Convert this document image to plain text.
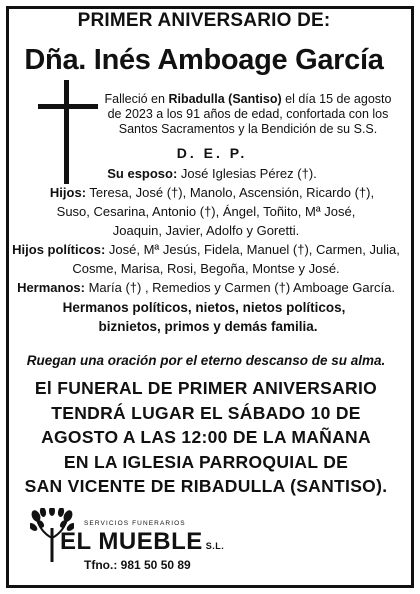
PRIMER ANIVERSARIO DE:
Dña. Inés Amboage García
Falleció en Ribadulla (Santiso) el día 15 de agosto
de 2023 a los 91 años de edad, confortada con los
Santos Sacramentos y la Bendición de su S.S.
D. E. P.
Su esposo: José Iglesias Pérez (†).
Hijos: Teresa, José (†), Manolo, Ascensión, Ricardo (†),
Suso, Cesarina, Antonio (†), Ángel, Toñito, Mª José,
Joaquin, Javier, Adolfo y Goretti.
Hijos políticos: José, Mª Jesús, Fidela, Manuel (†), Carmen, Julia,
Cosme, Marisa, Rosi, Begoña, Montse y José.
Hermanos: María (†) , Remedios y Carmen (†) Amboage García.
Hermanos políticos, nietos, nietos políticos,
biznietos, primos y demás familia.
Ruegan una oración por el eterno descanso de su alma.
El FUNERAL DE PRIMER ANIVERSARIO
TENDRÁ LUGAR EL SÁBADO 10 DE
AGOSTO A LAS 12:00 DE LA MAÑANA
EN LA IGLESIA PARROQUIAL DE
SAN VICENTE DE RIBADULLA (SANTISO).
SERVICIOS FUNERARIOS
EL MUEBLE S.L.
Tfno.: 981 50 50 89
